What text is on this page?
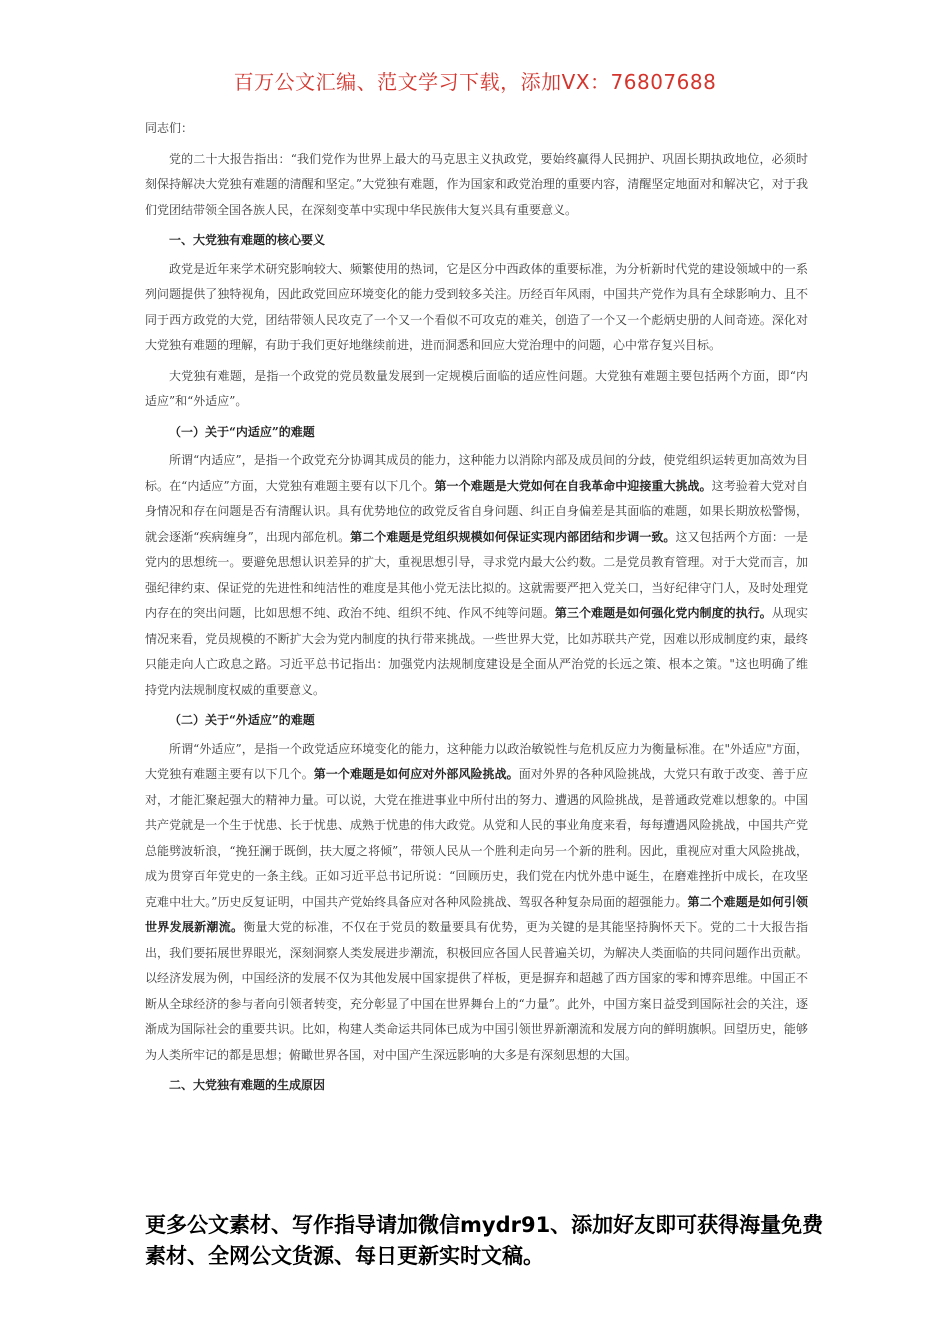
百万公文汇编、范文学习下载，添加VX：76807688

同志们：

党的二十大报告指出：“我们党作为世界上最大的马克思主义执政党，要始终赢得人民拥护、巩固长期执政地位，必须时刻保持解决大党独有难题的清醒和坚定。”大党独有难题，作为国家和政党治理的重要内容，清醒坚定地面对和解决它，对于我们党团结带领全国各族人民，在深刻变革中实现中华民族伟大复兴具有重要意义。

一、大党独有难题的核心要义

政党是近年来学术研究影响较大、频繁使用的热词，它是区分中西政体的重要标准，为分析新时代党的建设领域中的一系列问题提供了独特视角，因此政党回应环境变化的能力受到较多关注。历经百年风雨，中国共产党作为具有全球影响力、且不同于西方政党的大党，团结带领人民攻克了一个又一个看似不可攻克的难关，创造了一个又一个彪炳史册的人间奇迹。深化对大党独有难题的理解，有助于我们更好地继续前进，进而洞悉和回应大党治理中的问题，心中常存复兴目标。

大党独有难题，是指一个政党的党员数量发展到一定规模后面临的适应性问题。大党独有难题主要包括两个方面，即“内适应”和“外适应”。

（一）关于“内适应”的难题

所谓“内适应”，是指一个政党充分协调其成员的能力，这种能力以消除内部及成员间的分歧，使党组织运转更加高效为目标。在“内适应”方面，大党独有难题主要有以下几个。第一个难题是大党如何在自我革命中迎接重大挑战。这考验着大党对自身情况和存在问题是否有清醒认识。具有优势地位的政党反省自身问题、纠正自身偏差是其面临的难题，如果长期放松警惕，就会逐渐“疾病缠身”，出现内部危机。第二个难题是党组织规模如何保证实现内部团结和步调一致。这又包括两个方面：一是党内的思想统一。要避免思想认识差异的扩大，重视思想引导，寻求党内最大公约数。二是党员教育管理。对于大党而言，加强纪律约束、保证党的先进性和纯洁性的难度是其他小党无法比拟的。这就需要严把入党关口，当好纪律守门人，及时处理党内存在的突出问题，比如思想不纯、政治不纯、组织不纯、作风不纯等问题。第三个难题是如何强化党内制度的执行。从现实情况来看，党员规模的不断扩大会为党内制度的执行带来挑战。一些世界大党，比如苏联共产党，因难以形成制度约束，最终只能走向人亡政息之路。习近平总书记指出：加强党内法规制度建设是全面从严治党的长远之策、根本之策。"这也明确了维持党内法规制度权威的重要意义。

（二）关于“外适应”的难题

所谓“外适应”，是指一个政党适应环境变化的能力，这种能力以政治敏锐性与危机反应力为衡量标准。在"外适应"方面，大党独有难题主要有以下几个。第一个难题是如何应对外部风险挑战。面对外界的各种风险挑战，大党只有敢于改变、善于应对，才能汇聚起强大的精神力量。可以说，大党在推进事业中所付出的努力、遭遇的风险挑战，是普通政党难以想象的。中国共产党就是一个生于忧患、长于忧患、成熟于忧患的伟大政党。从党和人民的事业角度来看，每每遭遇风险挑战，中国共产党总能劈波斩浪，“挽狂澜于既倒，扶大厦之将倾”，带领人民从一个胜利走向另一个新的胜利。因此，重视应对重大风险挑战，成为贯穿百年党史的一条主线。正如习近平总书记所说：“回顾历史，我们党在内忧外患中诞生，在磨难挫折中成长，在攻坚克难中壮大。”历史反复证明，中国共产党始终具备应对各种风险挑战、驾驭各种复杂局面的超强能力。第二个难题是如何引领世界发展新潮流。衡量大党的标准，不仅在于党员的数量要具有优势，更为关键的是其能坚持胸怀天下。党的二十大报告指出，我们要拓展世界眼光，深刻洞察人类发展进步潮流，积极回应各国人民普遍关切，为解决人类面临的共同问题作出贡献。以经济发展为例，中国经济的发展不仅为其他发展中国家提供了样板，更是摒弃和超越了西方国家的零和博弈思维。中国正不断从全球经济的参与者向引领者转变，充分彰显了中国在世界舞台上的“力量”。此外，中国方案日益受到国际社会的关注，逐渐成为国际社会的重要共识。比如，构建人类命运共同体已成为中国引领世界新潮流和发展方向的鲜明旗帜。回望历史，能够为人类所牢记的都是思想；俯瞰世界各国，对中国产生深远影响的大多是有深刻思想的大国。

二、大党独有难题的生成原因

更多公文素材、写作指导请加微信mydr91、添加好友即可获得海量免费素材、全网公文货源、每日更新实时文稿。
